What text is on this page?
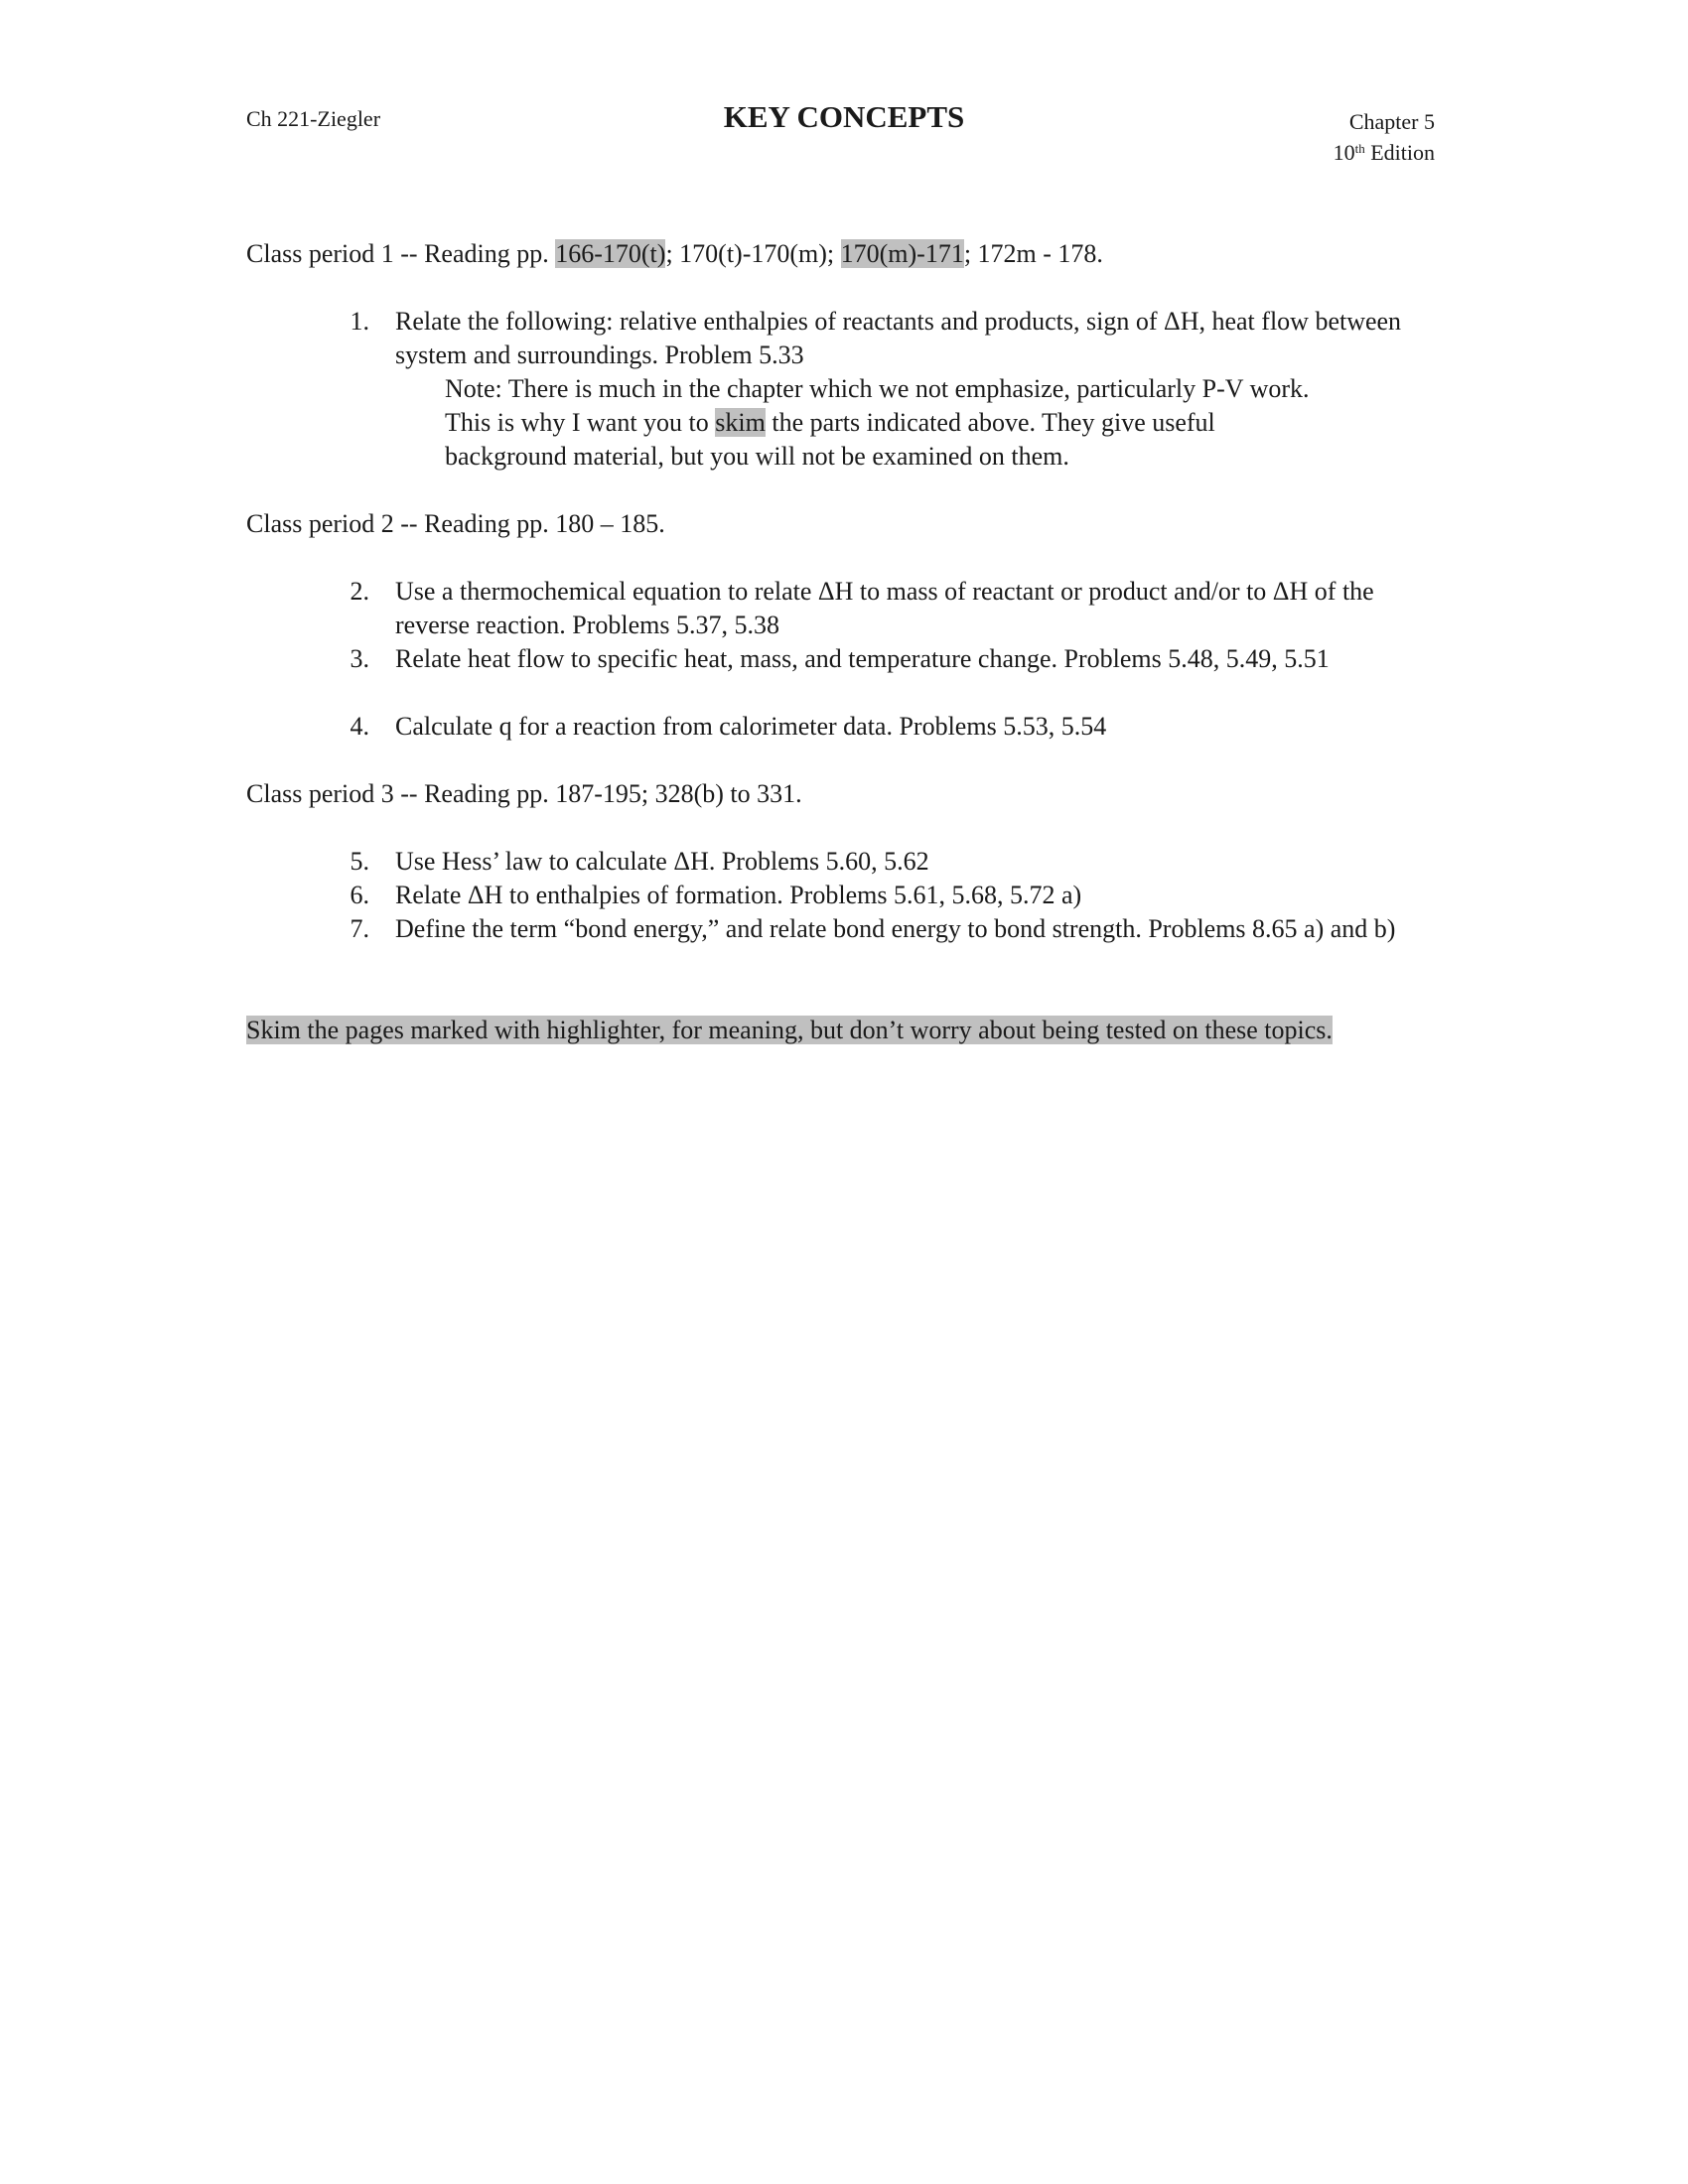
Ch 221-Ziegler	KEY CONCEPTS	Chapter 5
10th Edition
Class period 1 -- Reading pp. 166-170(t); 170(t)-170(m); 170(m)-171; 172m - 178.
1. Relate the following: relative enthalpies of reactants and products, sign of ΔH, heat flow between system and surroundings. Problem 5.33
Note: There is much in the chapter which we not emphasize, particularly P-V work.
This is why I want you to skim the parts indicated above. They give useful
background material, but you will not be examined on them.
Class period 2 -- Reading pp. 180 – 185.
2. Use a thermochemical equation to relate ΔH to mass of reactant or product and/or to ΔH of the reverse reaction. Problems 5.37, 5.38
3. Relate heat flow to specific heat, mass, and temperature change. Problems 5.48, 5.49, 5.51
4. Calculate q for a reaction from calorimeter data. Problems 5.53, 5.54
Class period 3 -- Reading pp. 187-195; 328(b) to 331.
5. Use Hess’ law to calculate ΔH. Problems 5.60, 5.62
6. Relate ΔH to enthalpies of formation. Problems 5.61, 5.68, 5.72 a)
7. Define the term “bond energy,” and relate bond energy to bond strength. Problems 8.65 a) and b)
Skim the pages marked with highlighter, for meaning, but don’t worry about being tested on these topics.
